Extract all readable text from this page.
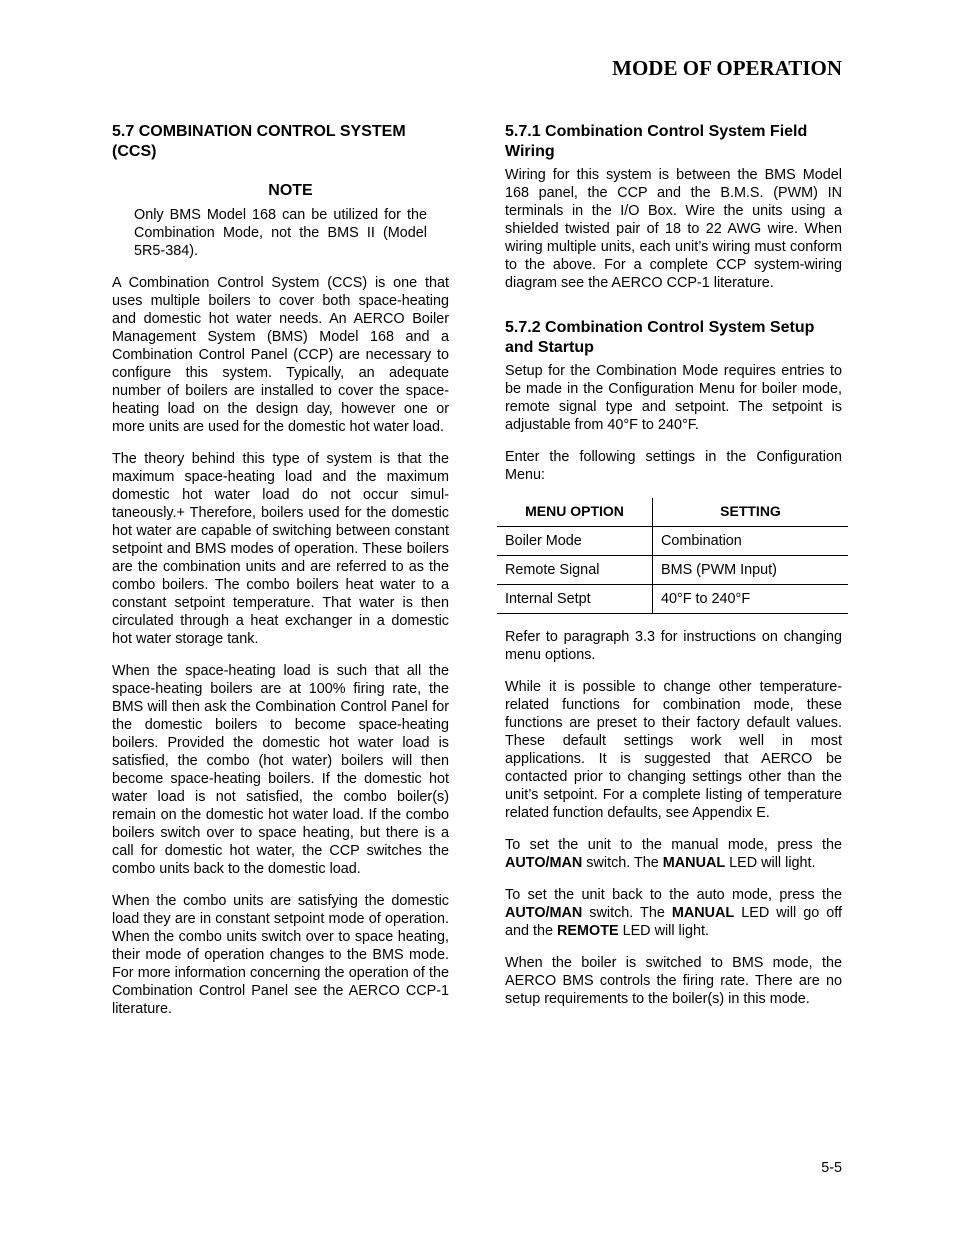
MODE OF OPERATION
5.7 COMBINATION CONTROL SYSTEM (CCS)
NOTE
Only BMS Model 168 can be utilized for the Combination Mode, not the BMS II (Model 5R5-384).
A Combination Control System (CCS) is one that uses multiple boilers to cover both space-heating and domestic hot water needs. An AERCO Boiler Management System (BMS) Model 168 and a Combination Control Panel (CCP) are necessary to configure this system. Typically, an adequate number of boilers are installed to cover the space-heating load on the design day, however one or more units are used for the domestic hot water load.
The theory behind this type of system is that the maximum space-heating load and the maximum domestic hot water load do not occur simul-taneously.+ Therefore, boilers used for the domestic hot water are capable of switching between constant setpoint and BMS modes of operation. These boilers are the combination units and are referred to as the combo boilers. The combo boilers heat water to a constant setpoint temperature. That water is then circulated through a heat exchanger in a domestic hot water storage tank.
When the space-heating load is such that all the space-heating boilers are at 100% firing rate, the BMS will then ask the Combination Control Panel for the domestic boilers to become space-heating boilers. Provided the domestic hot water load is satisfied, the combo (hot water) boilers will then become space-heating boilers. If the domestic hot water load is not satisfied, the combo boiler(s) remain on the domestic hot water load. If the combo boilers switch over to space heating, but there is a call for domestic hot water, the CCP switches the combo units back to the domestic load.
When the combo units are satisfying the domestic load they are in constant setpoint mode of operation. When the combo units switch over to space heating, their mode of operation changes to the BMS mode. For more information concerning the operation of the Combination Control Panel see the AERCO CCP-1 literature.
5.7.1 Combination Control System Field Wiring
Wiring for this system is between the BMS Model 168 panel, the CCP and the B.M.S. (PWM) IN terminals in the I/O Box. Wire the units using a shielded twisted pair of 18 to 22 AWG wire. When wiring multiple units, each unit’s wiring must conform to the above. For a complete CCP system-wiring diagram see the AERCO CCP-1 literature.
5.7.2 Combination Control System Setup and Startup
Setup for the Combination Mode requires entries to be made in the Configuration Menu for boiler mode, remote signal type and setpoint. The setpoint is adjustable from 40°F to 240°F.
Enter the following settings in the Configuration Menu:
MENU OPTION	SETTING
Boiler Mode	Combination
Remote Signal	BMS (PWM Input)
Internal Setpt	40°F to 240°F
Refer to paragraph 3.3 for instructions on changing menu options.
While it is possible to change other temperature-related functions for combination mode, these functions are preset to their factory default values. These default settings work well in most applications. It is suggested that AERCO be contacted prior to changing settings other than the unit’s setpoint. For a complete listing of temperature related function defaults, see Appendix E.
To set the unit to the manual mode, press the AUTO/MAN switch. The MANUAL LED will light.
To set the unit back to the auto mode, press the AUTO/MAN switch. The MANUAL LED will go off and the REMOTE LED will light.
When the boiler is switched to BMS mode, the AERCO BMS controls the firing rate. There are no setup requirements to the boiler(s) in this mode.
5-5
